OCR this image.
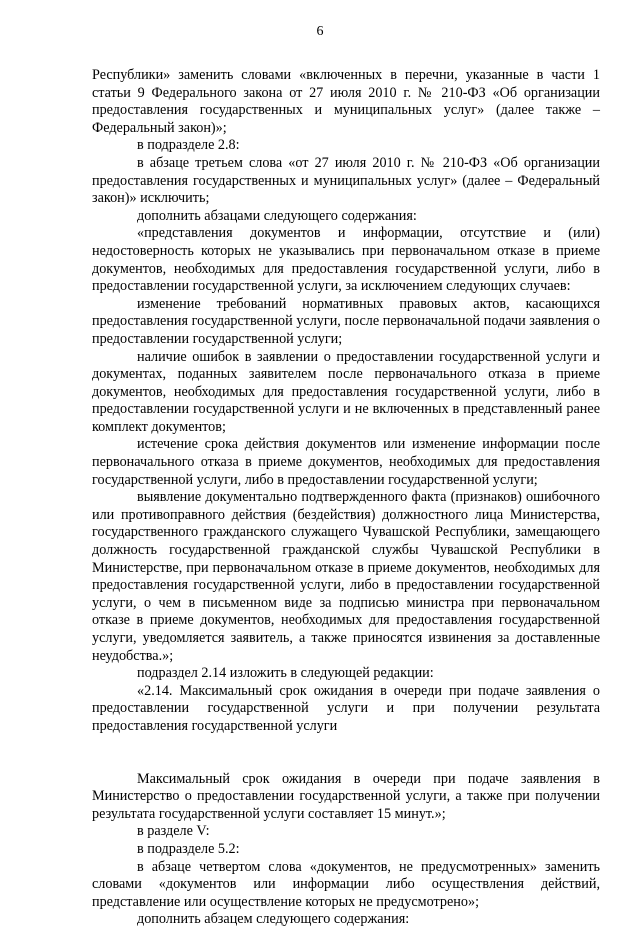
6

Республики» заменить словами «включенных в перечни, указанные в части 1 статьи 9 Федерального закона от 27 июля 2010 г. № 210-ФЗ «Об организации предоставления государственных и муниципальных услуг» (далее также – Федеральный закон)»;

в подразделе 2.8:

в абзаце третьем слова «от 27 июля 2010 г. № 210-ФЗ «Об организации предоставления государственных и муниципальных услуг» (далее – Федеральный закон)» исключить;

дополнить абзацами следующего содержания:

«представления документов и информации, отсутствие и (или) недостоверность которых не указывались при первоначальном отказе в приеме документов, необходимых для предоставления государственной услуги, либо в предоставлении государственной услуги, за исключением следующих случаев:

изменение требований нормативных правовых актов, касающихся предоставления государственной услуги, после первоначальной подачи заявления о предоставлении государственной услуги;

наличие ошибок в заявлении о предоставлении государственной услуги и документах, поданных заявителем после первоначального отказа в приеме документов, необходимых для предоставления государственной услуги, либо в предоставлении государственной услуги и не включенных в представленный ранее комплект документов;

истечение срока действия документов или изменение информации после первоначального отказа в приеме документов, необходимых для предоставления государственной услуги, либо в предоставлении государственной услуги;

выявление документально подтвержденного факта (признаков) ошибочного или противоправного действия (бездействия) должностного лица Министерства, государственного гражданского служащего Чувашской Республики, замещающего должность государственной гражданской службы Чувашской Республики в Министерстве, при первоначальном отказе в приеме документов, необходимых для предоставления государственной услуги, либо в предоставлении государственной услуги, о чем в письменном виде за подписью министра при первоначальном отказе в приеме документов, необходимых для предоставления государственной услуги, уведомляется заявитель, а также приносятся извинения за доставленные неудобства.»;

подраздел 2.14 изложить в следующей редакции:

«2.14. Максимальный срок ожидания в очереди при подаче заявления о предоставлении государственной услуги и при получении результата предоставления государственной услуги

Максимальный срок ожидания в очереди при подаче заявления в Министерство о предоставлении государственной услуги, а также при получении результата государственной услуги составляет 15 минут.»;

в разделе V:

в подразделе 5.2:

в абзаце четвертом слова «документов, не предусмотренных» заменить словами «документов или информации либо осуществления действий, представление или осуществление которых не предусмотрено»;

дополнить абзацем следующего содержания:
